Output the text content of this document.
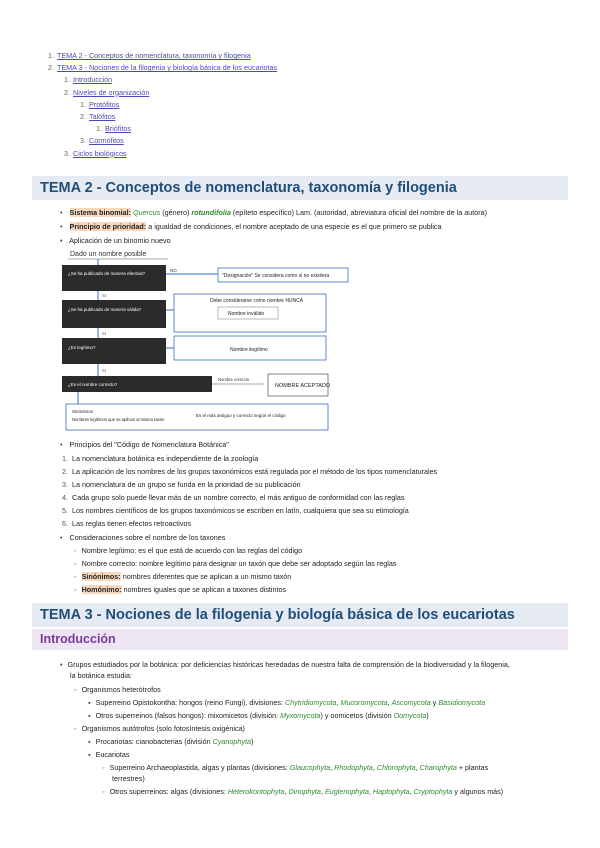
1. TEMA 2 - Conceptos de nomenclatura, taxonomía y filogenia
2. TEMA 3 - Nociones de la filogenia y biología básica de los eucariotas
1. Introducción
2. Niveles de organización
1. Protófitos
2. Talófitos
1. Briófitos
3. Cormófitos
3. Ciclos biológicos
TEMA 2 - Conceptos de nomenclatura, taxonomía y filogenia
• Sistema binomial: Quercus (género) rotundifolia (epíteto específico) Lam. (autoridad, abreviatura oficial del nombre de la autora)
• Principio de prioridad: a igualdad de condiciones, el nombre aceptado de una especie es el que primero se publica
• Aplicación de un binomio nuevo
Dado un nombre posible
¿Se ha publicado de manera efectiva?
NO
"Designación" Se considera como si no existiera
SÍ
¿Se ha publicado de manera válida?
Debe considerarse como nombre NUNCA
Nombre inválido
SÍ
¿Es legítimo?	Nombre ilegítimo
SÍ
¿Es el nombre correcto?
Nombre correcto
NOMBRE ACEPTADO
Sinónimos
Nombres legítimos que se aplican al mismo taxón
Es el más antiguo y correcto según el código
• Principios del "Código de Nomenclatura Botánica"
1. La nomenclatura botánica es independiente de la zoología
2. La aplicación de los nombres de los grupos taxonómicos está regulada por el método de los tipos nomenclaturales
3. La nomenclatura de un grupo se funda en la prioridad de su publicación
4. Cada grupo solo puede llevar más de un nombre correcto, el más antiguo de conformidad con las reglas
5. Los nombres científicos de los grupos taxonómicos se escriben en latín, cualquiera que sea su etimología
6. Las reglas tienen efectos retroactivos
• Consideraciones sobre el nombre de los taxones
◦ Nombre legítimo: es el que está de acuerdo con las reglas del código
◦ Nombre correcto: nombre legítimo para designar un taxón que debe ser adoptado según las reglas
◦ Sinónimos: nombres diferentes que se aplican a un mismo taxón
◦ Homónimo: nombres iguales que se aplican a taxones distintos
TEMA 3 - Nociones de la filogenia y biología básica de los eucariotas
Introducción
• Grupos estudiados por la botánica: por deficiencias históricas heredadas de nuestra falta de comprensión de la biodiversidad y la filogenia,
la botánica estudia:
◦ Organismos heterótrofos
▪ Superreino Opistokontha: hongos (reino Fungi), divisiones: Chytridiomycota, Mucoromycota, Ascomycota y Basidiomycota
▪ Otros superreinos (falsos hongos): mixomicetos (división: Myxomycota) y oomicetos (división Oomycota)
◦ Organismos autótrofos (solo fotosíntesis oxigénica)
▪ Procariotas: cianobacterias (división Cyanophyta)
▪ Eucariotas
◦ Superreino Archaeoplastida, algas y plantas (divisiones: Glaucophyta, Rhodophyta, Chlorophyta, Charophyta + plantas
terrestres)
◦ Otros superreinos: algas (divisiones: Heterokontophyta, Dinophyta, Euglenophyta, Haptophyta, Cryptophyta y algunos más)
